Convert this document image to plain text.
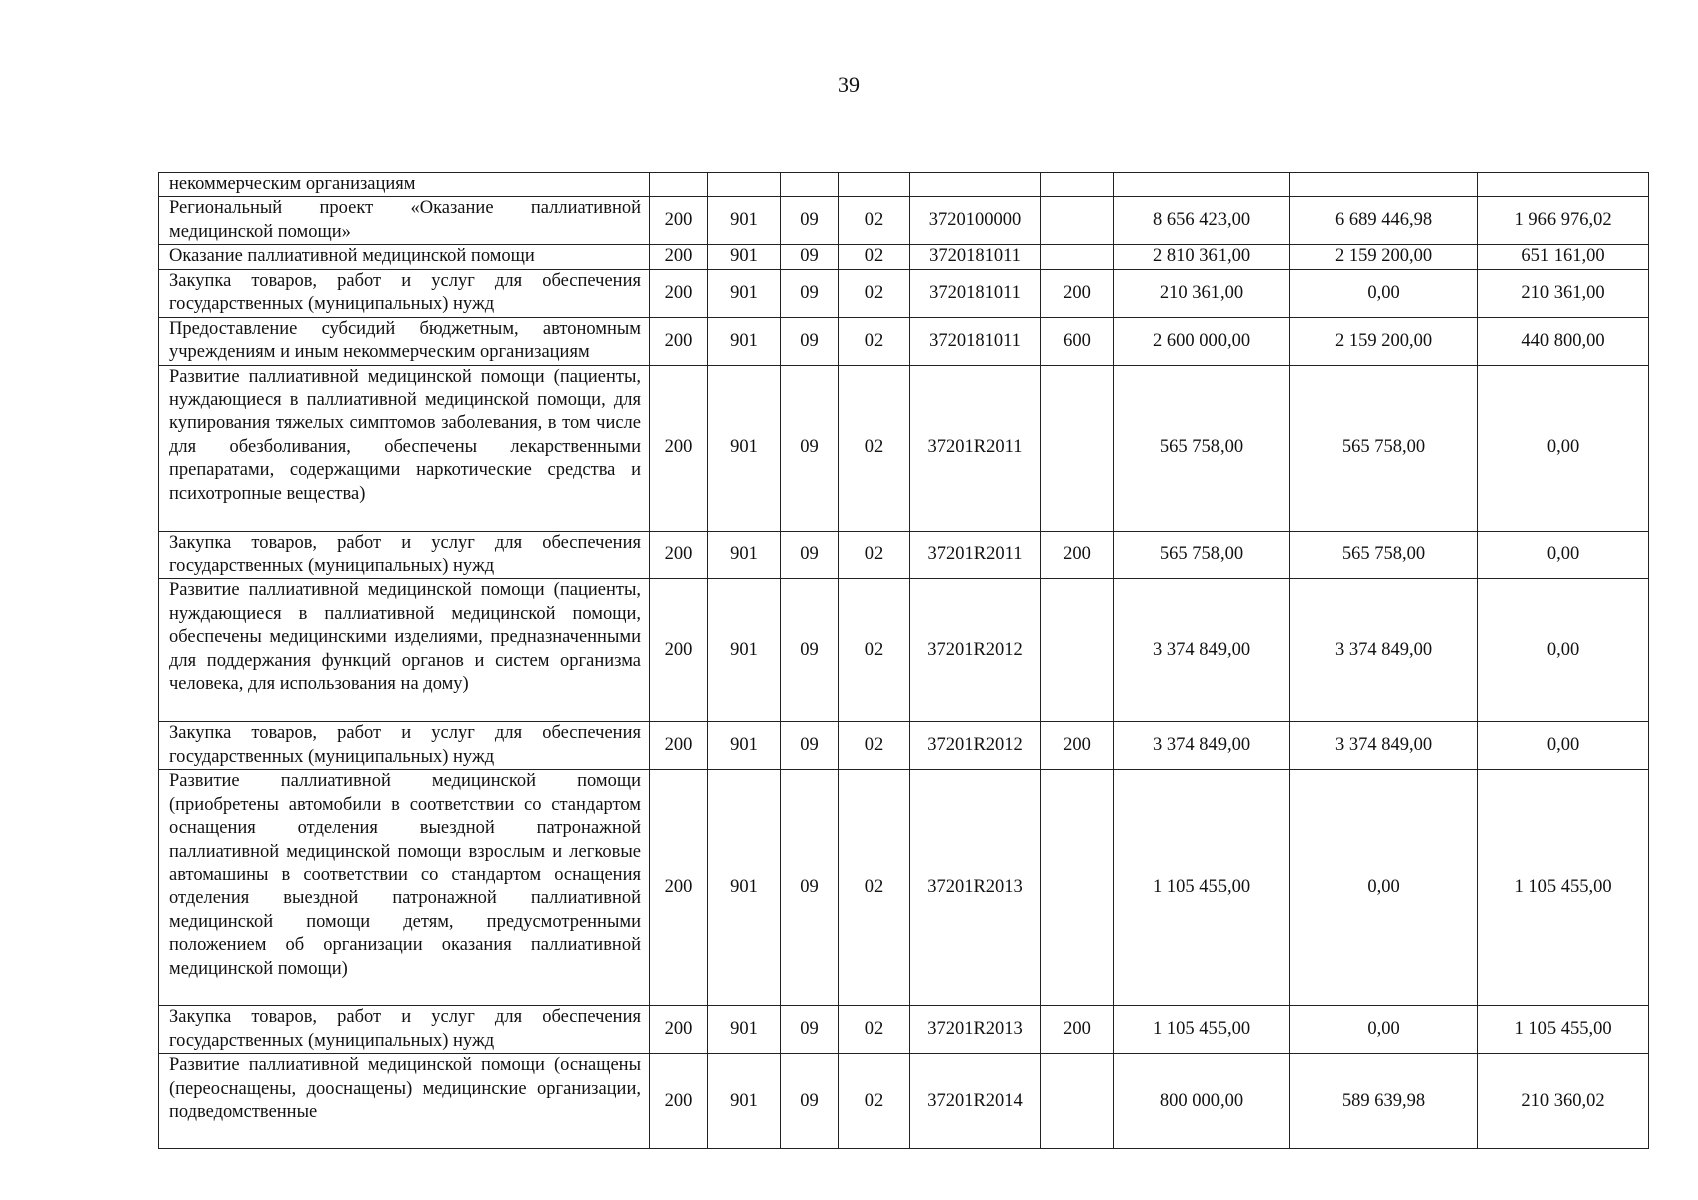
39
некоммерческим организациям									
Региональный проект «Оказание паллиативной медицинской помощи»	200	901	09	02	3720100000		8 656 423,00	6 689 446,98	1 966 976,02
Оказание паллиативной медицинской помощи	200	901	09	02	3720181011		2 810 361,00	2 159 200,00	651 161,00
Закупка товаров, работ и услуг для обеспечения государственных (муниципальных) нужд	200	901	09	02	3720181011	200	210 361,00	0,00	210 361,00
Предоставление субсидий бюджетным, автономным учреждениям и иным некоммерческим организациям	200	901	09	02	3720181011	600	2 600 000,00	2 159 200,00	440 800,00
Развитие паллиативной медицинской помощи (пациенты, нуждающиеся в паллиативной медицинской помощи, для купирования тяжелых симптомов заболевания, в том числе для обезболивания, обеспечены лекарственными препаратами, содержащими наркотические средства и психотропные вещества)	200	901	09	02	37201R2011		565 758,00	565 758,00	0,00
Закупка товаров, работ и услуг для обеспечения государственных (муниципальных) нужд	200	901	09	02	37201R2011	200	565 758,00	565 758,00	0,00
Развитие паллиативной медицинской помощи (пациенты, нуждающиеся в паллиативной медицинской помощи, обеспечены медицинскими изделиями, предназначенными для поддержания функций органов и систем организма человека, для использования на дому)	200	901	09	02	37201R2012		3 374 849,00	3 374 849,00	0,00
Закупка товаров, работ и услуг для обеспечения государственных (муниципальных) нужд	200	901	09	02	37201R2012	200	3 374 849,00	3 374 849,00	0,00
Развитие паллиативной медицинской помощи (приобретены автомобили в соответствии со стандартом оснащения отделения выездной патронажной паллиативной медицинской помощи взрослым и легковые автомашины в соответствии со стандартом оснащения отделения выездной патронажной паллиативной медицинской помощи детям, предусмотренными положением об организации оказания паллиативной медицинской помощи)	200	901	09	02	37201R2013		1 105 455,00	0,00	1 105 455,00
Закупка товаров, работ и услуг для обеспечения государственных (муниципальных) нужд	200	901	09	02	37201R2013	200	1 105 455,00	0,00	1 105 455,00
Развитие паллиативной медицинской помощи (оснащены (переоснащены, дооснащены) медицинские организации, подведомственные	200	901	09	02	37201R2014		800 000,00	589 639,98	210 360,02
